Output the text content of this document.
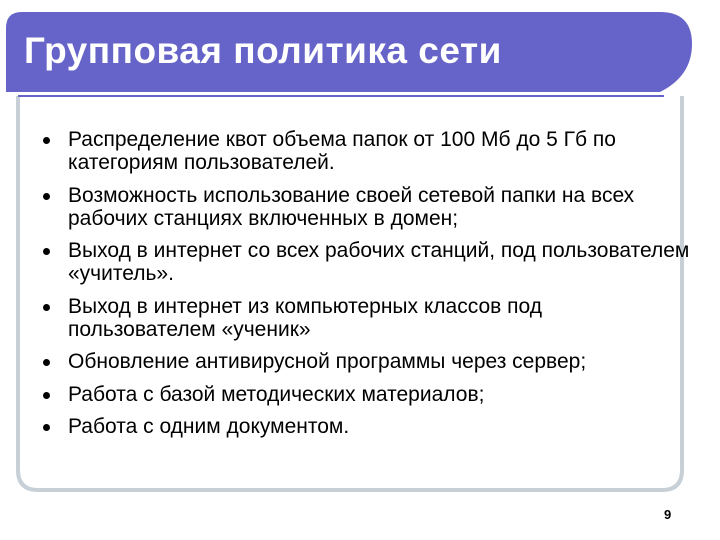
Групповая политика сети
Распределение квот объема папок от 100 Мб до 5 Гб по категориям пользователей.
Возможность использование своей сетевой папки на всех рабочих станциях включенных в домен;
Выход в интернет со всех рабочих станций, под пользователем «учитель».
Выход в интернет из компьютерных классов под пользователем «ученик»
Обновление антивирусной программы через сервер;
Работа с базой методических материалов;
Работа с одним документом.
9
